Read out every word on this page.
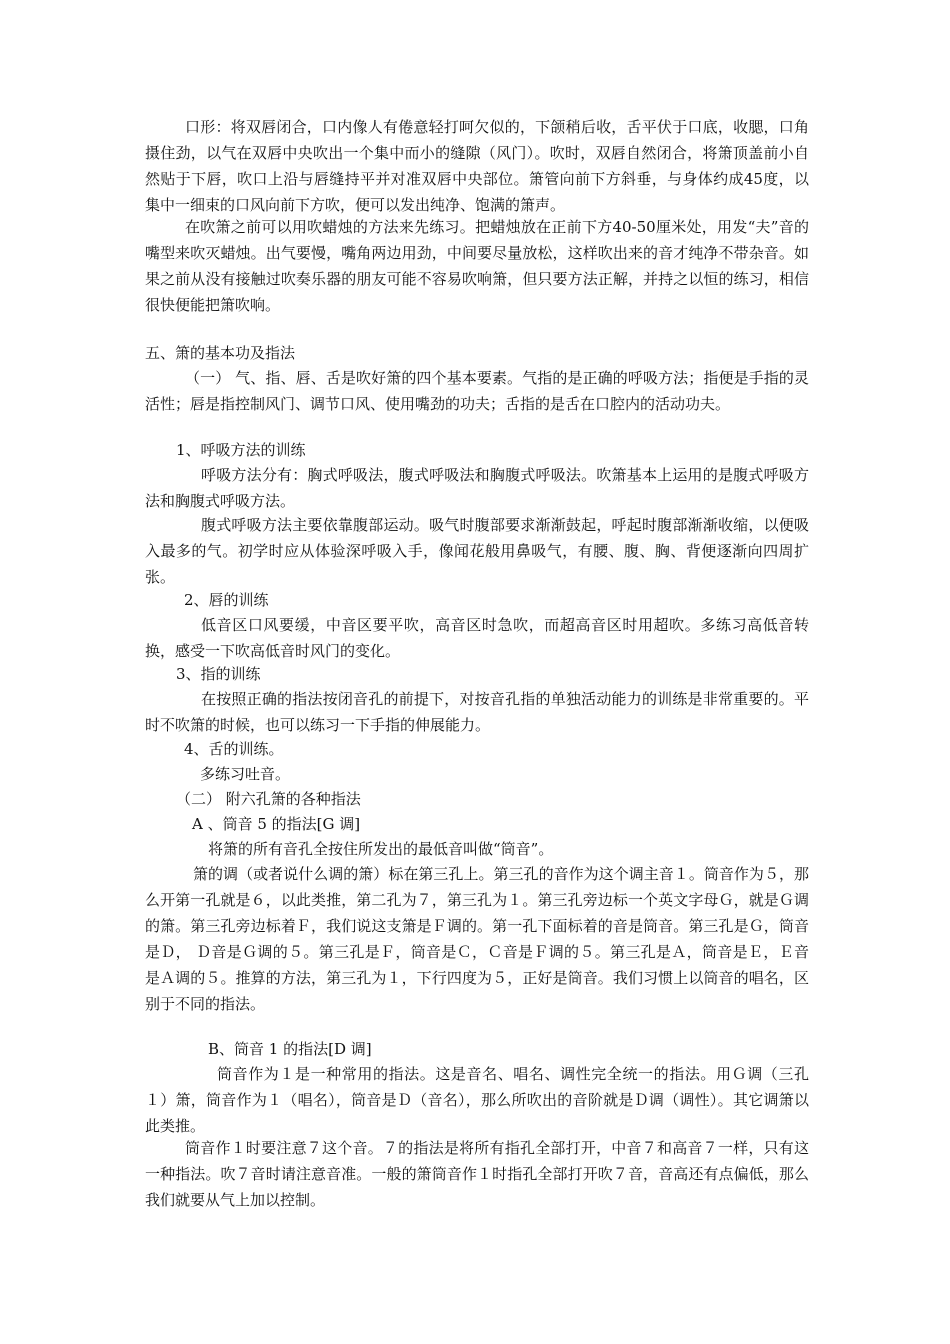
口形：将双唇闭合，口内像人有倦意轻打呵欠似的，下颌稍后收，舌平伏于口底，收腮，口角摄住劲，以气在双唇中央吹出一个集中而小的缝隙（风门）。吹时，双唇自然闭合，将箫顶盖前小自然贴于下唇，吹口上沿与唇缝持平并对准双唇中央部位。箫管向前下方斜垂，与身体约成45度，以集中一细束的口风向前下方吹，便可以发出纯净、饱满的箫声。

在吹箫之前可以用吹蜡烛的方法来先练习。把蜡烛放在正前下方40-50厘米处，用发“夫”音的嘴型来吹灭蜡烛。出气要慢，嘴角两边用劲，中间要尽量放松，这样吹出来的音才纯净不带杂音。如果之前从没有接触过吹奏乐器的朋友可能不容易吹响箫，但只要方法正解，并持之以恒的练习，相信很快便能把箫吹响。

五、箫的基本功及指法

（一） 气、指、唇、舌是吹好箫的四个基本要素。气指的是正确的呼吸方法；指便是手指的灵活性；唇是指控制风门、调节口风、使用嘴劲的功夫；舌指的是舌在口腔内的活动功夫。

1、呼吸方法的训练

呼吸方法分有：胸式呼吸法，腹式呼吸法和胸腹式呼吸法。吹箫基本上运用的是腹式呼吸方法和胸腹式呼吸方法。

腹式呼吸方法主要依靠腹部运动。吸气时腹部要求渐渐鼓起，呼起时腹部渐渐收缩，以便吸入最多的气。初学时应从体验深呼吸入手，像闻花般用鼻吸气，有腰、腹、胸、背便逐渐向四周扩张。

2、唇的训练

低音区口风要缓，中音区要平吹，高音区时急吹，而超高音区时用超吹。多练习高低音转换，感受一下吹高低音时风门的变化。

3、指的训练

在按照正确的指法按闭音孔的前提下，对按音孔指的单独活动能力的训练是非常重要的。平时不吹箫的时候，也可以练习一下手指的伸展能力。

4、舌的训练。

多练习吐音。

（二） 附六孔箫的各种指法

A 、筒音 5 的指法[G 调]

将箫的所有音孔全按住所发出的最低音叫做“筒音”。

箫的调（或者说什么调的箫）标在第三孔上。第三孔的音作为这个调主音１。筒音作为５，那么开第一孔就是６，以此类推，第二孔为７，第三孔为１。第三孔旁边标一个英文字母Ｇ，就是Ｇ调的箫。第三孔旁边标着Ｆ，我们说这支箫是Ｆ调的。第一孔下面标着的音是筒音。第三孔是Ｇ，筒音是Ｄ， Ｄ音是Ｇ调的５。第三孔是Ｆ，筒音是Ｃ，Ｃ音是Ｆ调的５。第三孔是Ａ，筒音是Ｅ，Ｅ音是Ａ调的５。推算的方法，第三孔为１，下行四度为５，正好是筒音。我们习惯上以筒音的唱名，区别于不同的指法。

B、筒音 1 的指法[D 调]

筒音作为１是一种常用的指法。这是音名、唱名、调性完全统一的指法。用Ｇ调（三孔１）箫，筒音作为１（唱名），筒音是Ｄ（音名），那么所吹出的音阶就是Ｄ调（调性）。其它调箫以此类推。

筒音作１时要注意７这个音。７的指法是将所有指孔全部打开，中音７和高音７一样，只有这一种指法。吹７音时请注意音准。一般的箫筒音作１时指孔全部打开吹７音，音高还有点偏低，那么我们就要从气上加以控制。
